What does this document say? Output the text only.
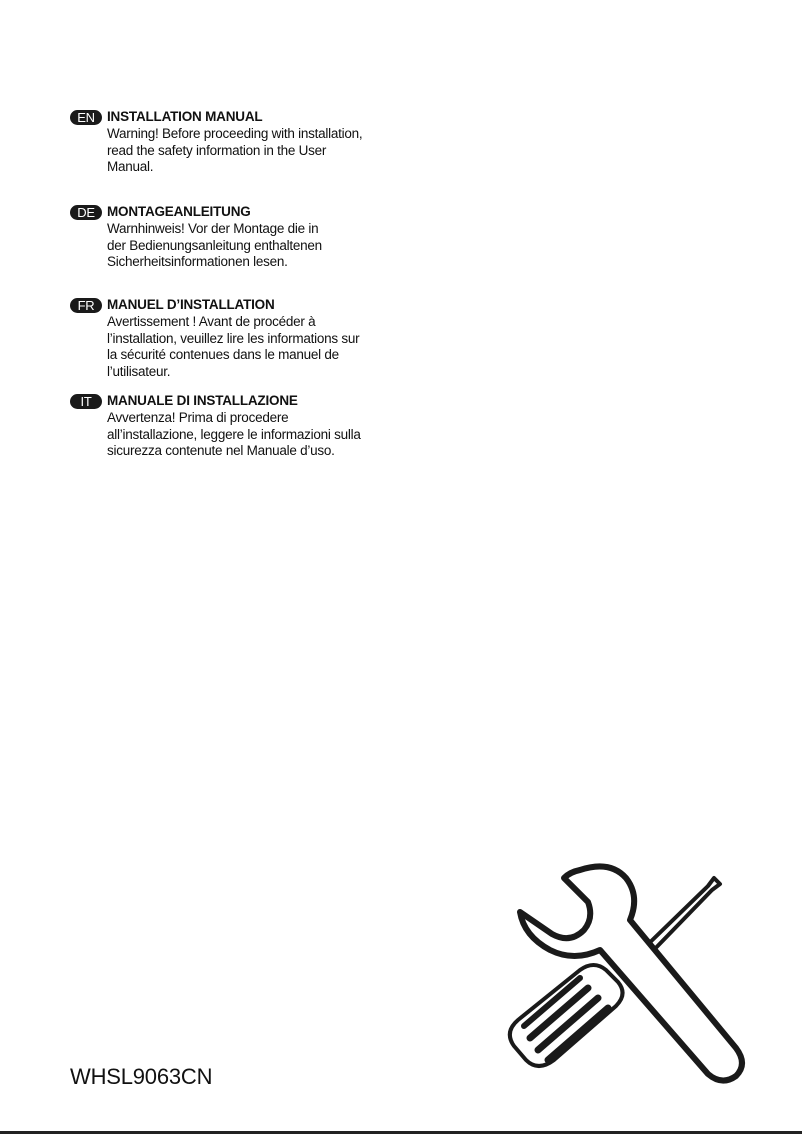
EN INSTALLATION MANUAL
Warning! Before proceeding with installation,
read the safety information in the User
Manual.
DE MONTAGEANLEITUNG
Warnhinweis! Vor der Montage die in
der Bedienungsanleitung enthaltenen
Sicherheitsinformationen lesen.
FR MANUEL D’INSTALLATION
Avertissement ! Avant de procéder à
l’installation, veuillez lire les informations sur
la sécurité contenues dans le manuel de
l’utilisateur.
IT	MANUALE DI INSTALLAZIONE
Avvertenza! Prima di procedere
all’installazione, leggere le informazioni sulla
sicurezza contenute nel Manuale d’uso.
WHSL9063CN
